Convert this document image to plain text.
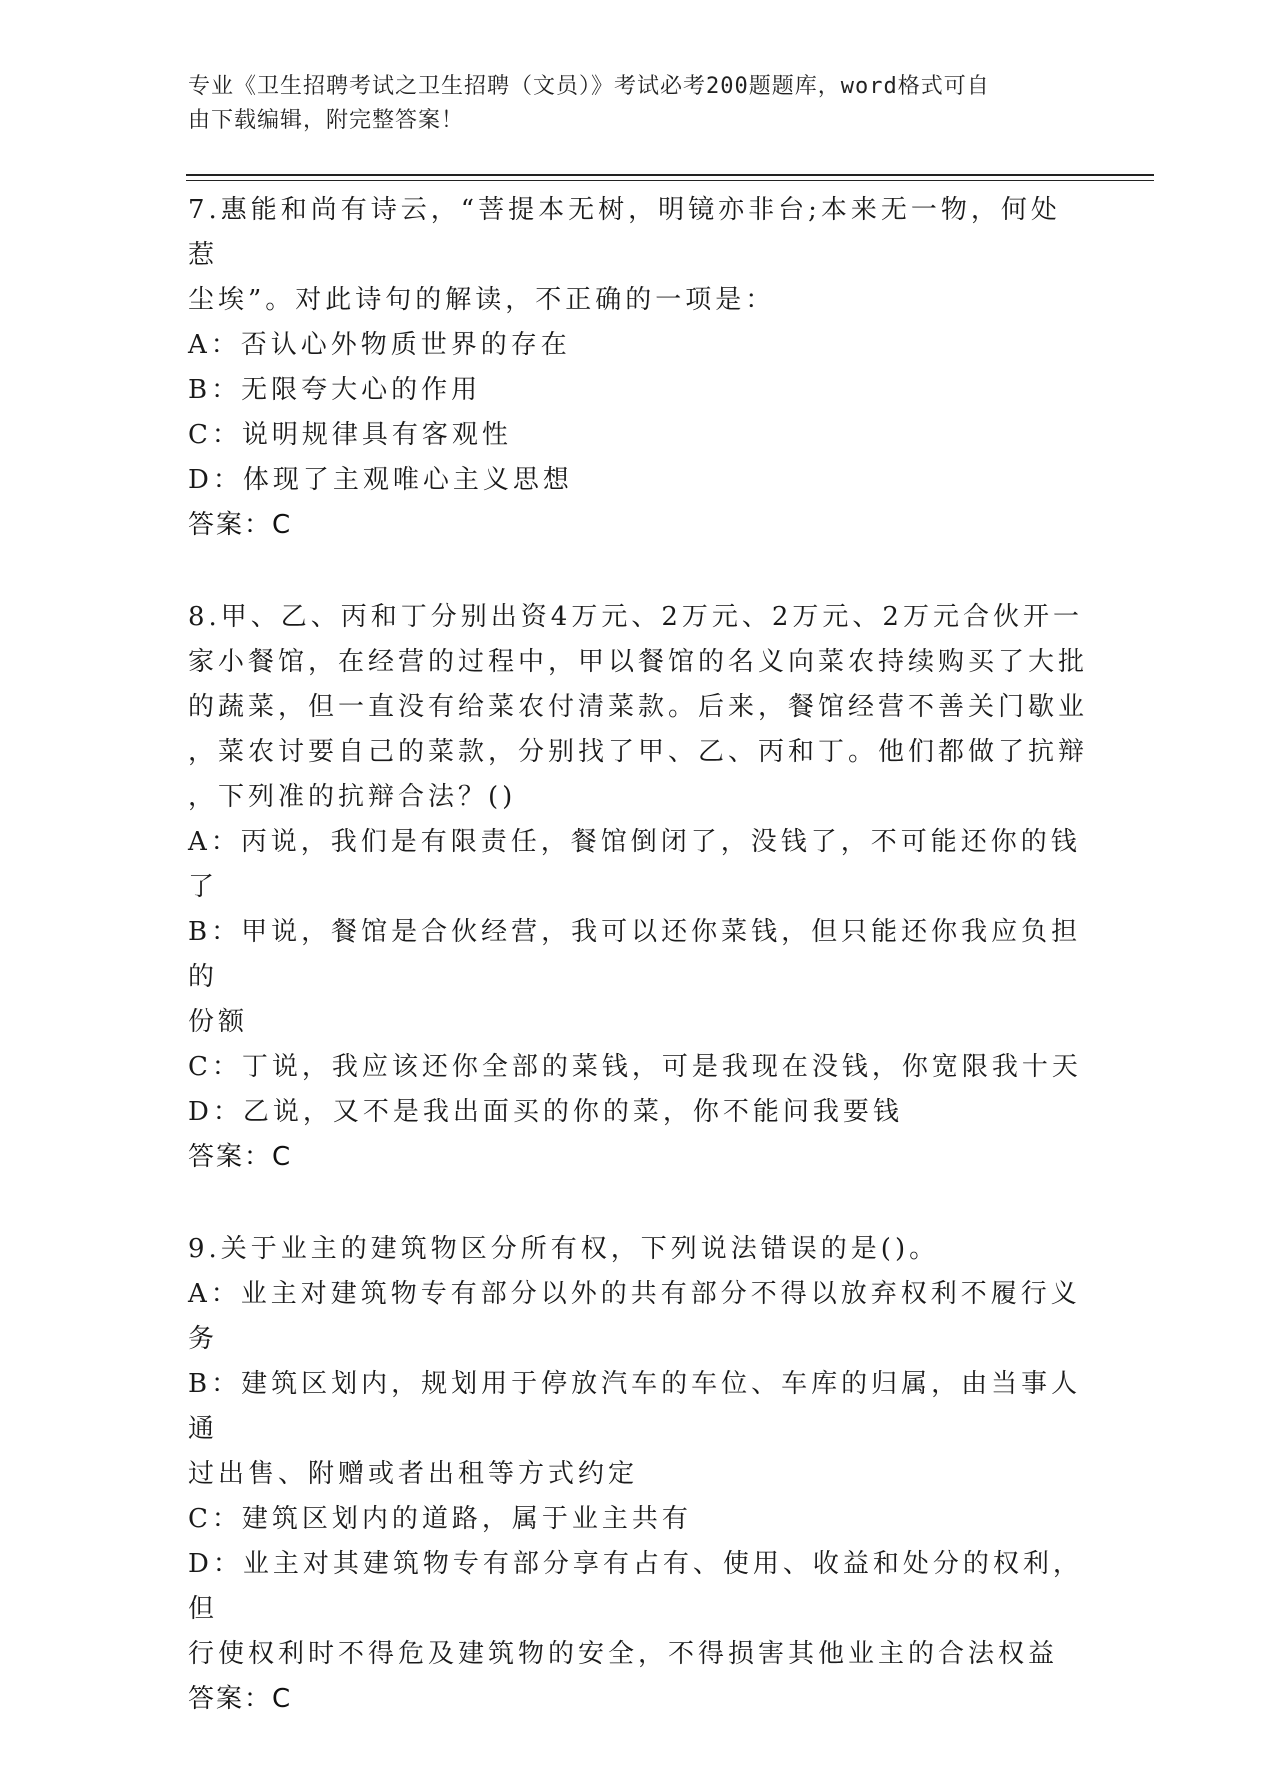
专业《卫生招聘考试之卫生招聘（文员）》考试必考200题题库，word格式可自
由下载编辑，附完整答案！
7.惠能和尚有诗云，“菩提本无树，明镜亦非台;本来无一物，何处惹
尘埃”。对此诗句的解读，不正确的一项是：
A：否认心外物质世界的存在
B：无限夸大心的作用
C：说明规律具有客观性
D：体现了主观唯心主义思想
答案：C
8.甲、乙、丙和丁分别出资4万元、2万元、2万元、2万元合伙开一
家小餐馆，在经营的过程中，甲以餐馆的名义向菜农持续购买了大批
的蔬菜，但一直没有给菜农付清菜款。后来，餐馆经营不善关门歇业
，菜农讨要自己的菜款，分别找了甲、乙、丙和丁。他们都做了抗辩
，下列准的抗辩合法？()
A：丙说，我们是有限责任，餐馆倒闭了，没钱了，不可能还你的钱了
B：甲说，餐馆是合伙经营，我可以还你菜钱，但只能还你我应负担的
份额
C：丁说，我应该还你全部的菜钱，可是我现在没钱，你宽限我十天
D：乙说，又不是我出面买的你的菜，你不能问我要钱
答案：C
9.关于业主的建筑物区分所有权，下列说法错误的是()。
A：业主对建筑物专有部分以外的共有部分不得以放弃权利不履行义务
B：建筑区划内，规划用于停放汽车的车位、车库的归属，由当事人通
过出售、附赠或者出租等方式约定
C：建筑区划内的道路，属于业主共有
D：业主对其建筑物专有部分享有占有、使用、收益和处分的权利，但
行使权利时不得危及建筑物的安全，不得损害其他业主的合法权益
答案：C
